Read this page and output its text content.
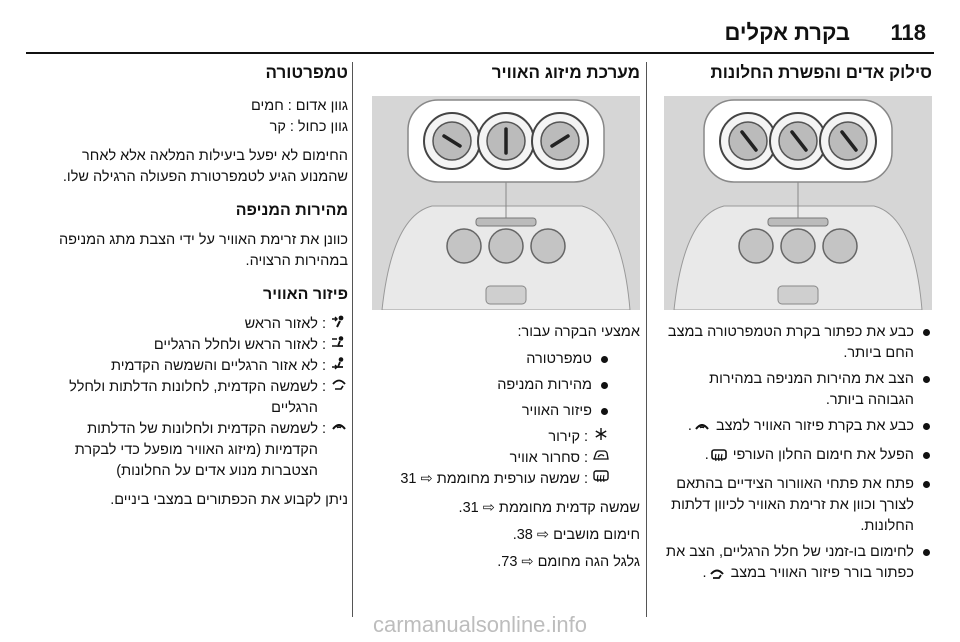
118
בקרת אקלים
סילוק אדים והפשרת החלונות
כבע את כפתור בקרת הטמפרטורה במצב החם ביותר.
הצב את מהירות המניפה במהירות הגבוהה ביותר.
כבע את בקרת פיזור האוויר למצב .
הפעל את חימום החלון העורפי .
פתח את פתחי האוורור הצידיים בהתאם לצורך וכוון את זרימת האוויר לכיוון דלתות החלונות.
לחימום בו-זמני של חלל הרגליים, הצב את כפתור בורר פיזור האוויר במצב .
מערכת מיזוג האוויר

אמצעי הבקרה עבור:

טמפרטורה
מהירות המניפה
פיזור האוויר
:
קירור
:
סחרור אוויר
:
שמשה עורפית מחוממת ⇨ 31

שמשה קדמית מחוממת ⇨ 31.

חימום מושבים ⇨ 38.

גלגל הגה מחומם ⇨ 73.

טמפרטורה
גוון אדום
:
חמים
גוון כחול
:
קר

החימום לא יפעל ביעילות המלאה אלא לאחר שהמנוע הגיע לטמפרטורת הפעולה הרגילה שלו.

מהירות המניפה

כוונן את זרימת האוויר על ידי הצבת מתג המניפה במהירות הרצויה.

פיזור האוויר
:
לאזור הראש
:
לאזור הראש ולחלל הרגליים
:
לא אזור הרגליים והשמשה הקדמית
:
לשמשה הקדמית, לחלונות הדלתות ולחלל הרגליים
:
לשמשה הקדמית ולחלונות של הדלתות הקדמיות (מיזוג האוויר מופעל כדי לבקרת הצטברות מנוע אדים על החלונות)

ניתן לקבוע את הכפתורים במצבי ביניים.

carmanualsonline.info
